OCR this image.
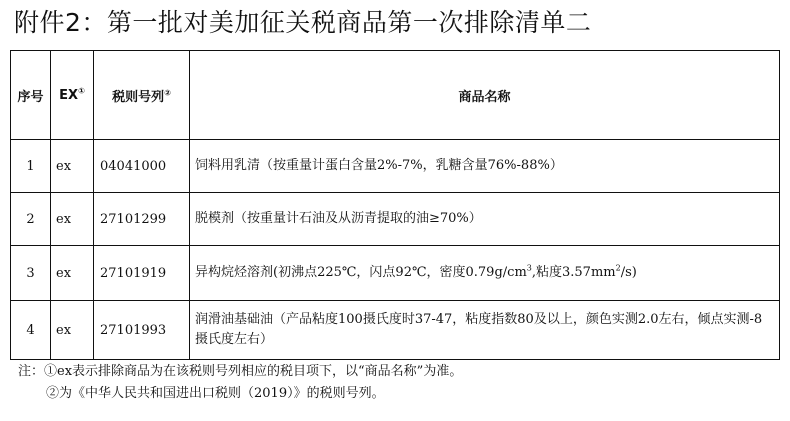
附件2：第一批对美加征关税商品第一次排除清单二
序号	EX①	税则号列②	商品名称
1	ex	04041000	饲料用乳清（按重量计蛋白含量2%-7%，乳糖含量76%-88%）
2	ex	27101299	脱模剂（按重量计石油及从沥青提取的油≥70%）
3	ex	27101919	异构烷烃溶剂(初沸点225℃，闪点92℃，密度$0.79g/cm^3$,粘度$3.57mm^2/s$)
4	ex	27101993	润滑油基础油（产品粘度100摄氏度时37-47，粘度指数80及以上，颜色实测2.0左右，倾点实测-8摄氏度左右）
注：①ex表示排除商品为在该税则号列相应的税目项下，以“商品名称”为准。
②为《中华人民共和国进出口税则（2019）》的税则号列。
